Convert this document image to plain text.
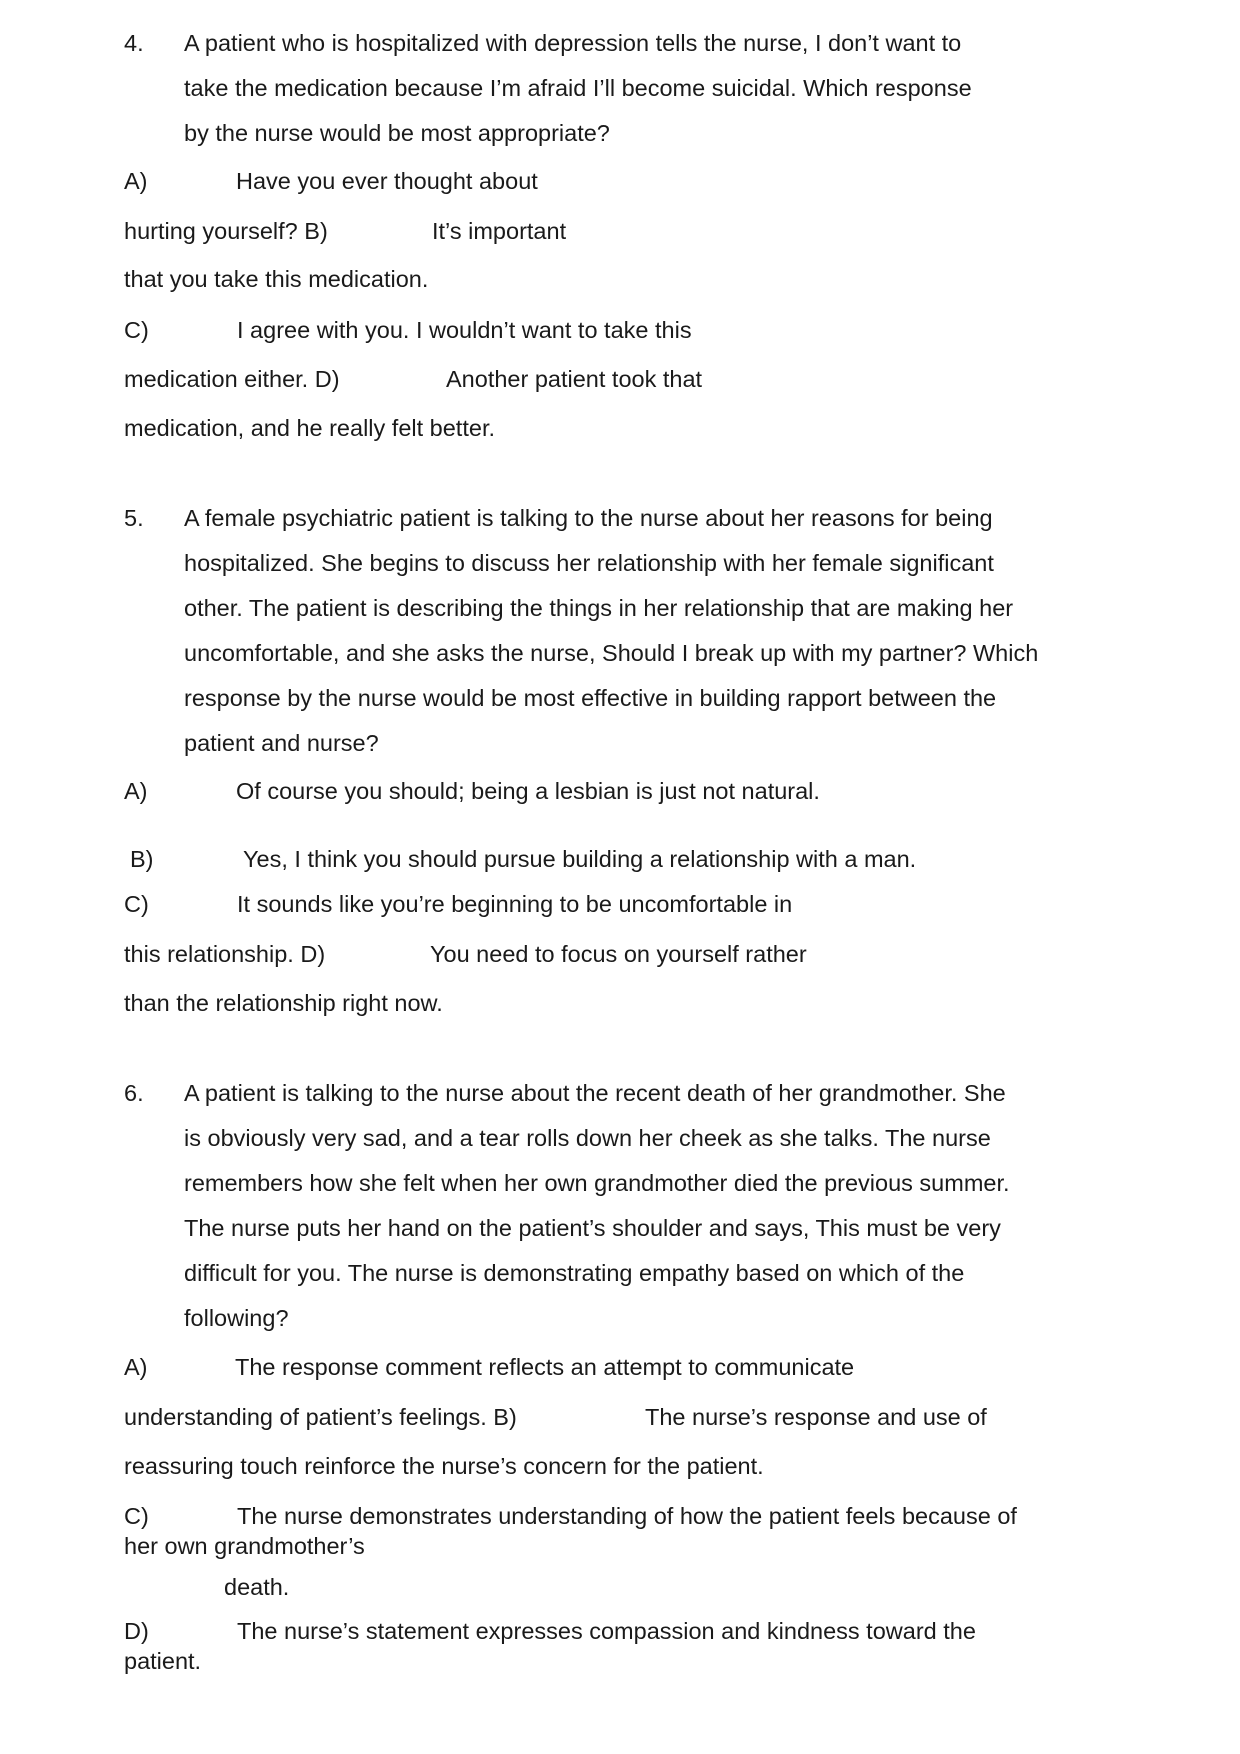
4. A patient who is hospitalized with depression tells the nurse, I don’t want to
take the medication because I’m afraid I’ll become suicidal. Which response
by the nurse would be most appropriate?
A)	Have you ever thought about
hurting yourself? B)	It’s important
that you take this medication.
C)	I agree with you. I wouldn’t want to take this
medication either. D)	Another patient took that
medication, and he really felt better.
5. A female psychiatric patient is talking to the nurse about her reasons for being
hospitalized. She begins to discuss her relationship with her female significant
other. The patient is describing the things in her relationship that are making her
uncomfortable, and she asks the nurse, Should I break up with my partner? Which
response by the nurse would be most effective in building rapport between the
patient and nurse?
A)	Of course you should; being a lesbian is just not natural.
B)	Yes, I think you should pursue building a relationship with a man.
C)	It sounds like you’re beginning to be uncomfortable in
this relationship. D)	You need to focus on yourself rather
than the relationship right now.
6. A patient is talking to the nurse about the recent death of her grandmother. She
is obviously very sad, and a tear rolls down her cheek as she talks. The nurse
remembers how she felt when her own grandmother died the previous summer.
The nurse puts her hand on the patient’s shoulder and says, This must be very
difficult for you. The nurse is demonstrating empathy based on which of the
following?
A)	The response comment reflects an attempt to communicate
understanding of patient’s feelings. B)	The nurse’s response and use of
reassuring touch reinforce the nurse’s concern for the patient.
C)	The nurse demonstrates understanding of how the patient feels because of
her own grandmother’s
death.
D)	The nurse’s statement expresses compassion and kindness toward the
patient.
